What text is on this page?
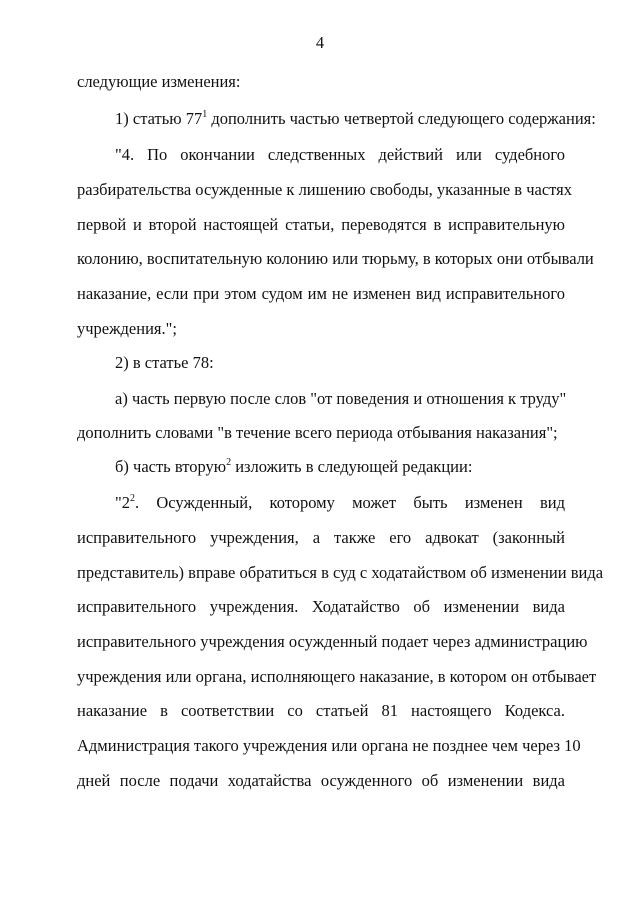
4
следующие изменения:
1) статью $77^1$ дополнить частью четвертой следующего содержания:
"4. По окончании следственных действий или судебного
разбирательства осужденные к лишению свободы, указанные в частях
первой и второй настоящей статьи, переводятся в исправительную
колонию, воспитательную колонию или тюрьму, в которых они отбывали
наказание, если при этом судом им не изменен вид исправительного
учреждения.";
2) в статье 78:
а) часть первую после слов "от поведения и отношения к труду"
дополнить словами "в течение всего периода отбывания наказания";
б) часть вторую$^2$ изложить в следующей редакции:
"$2^2$. Осужденный, которому может быть изменен вид
исправительного учреждения, а также его адвокат (законный
представитель) вправе обратиться в суд с ходатайством об изменении вида
исправительного учреждения. Ходатайство об изменении вида
исправительного учреждения осужденный подает через администрацию
учреждения или органа, исполняющего наказание, в котором он отбывает
наказание в соответствии со статьей 81 настоящего Кодекса.
Администрация такого учреждения или органа не позднее чем через 10
дней после подачи ходатайства осужденного об изменении вида
